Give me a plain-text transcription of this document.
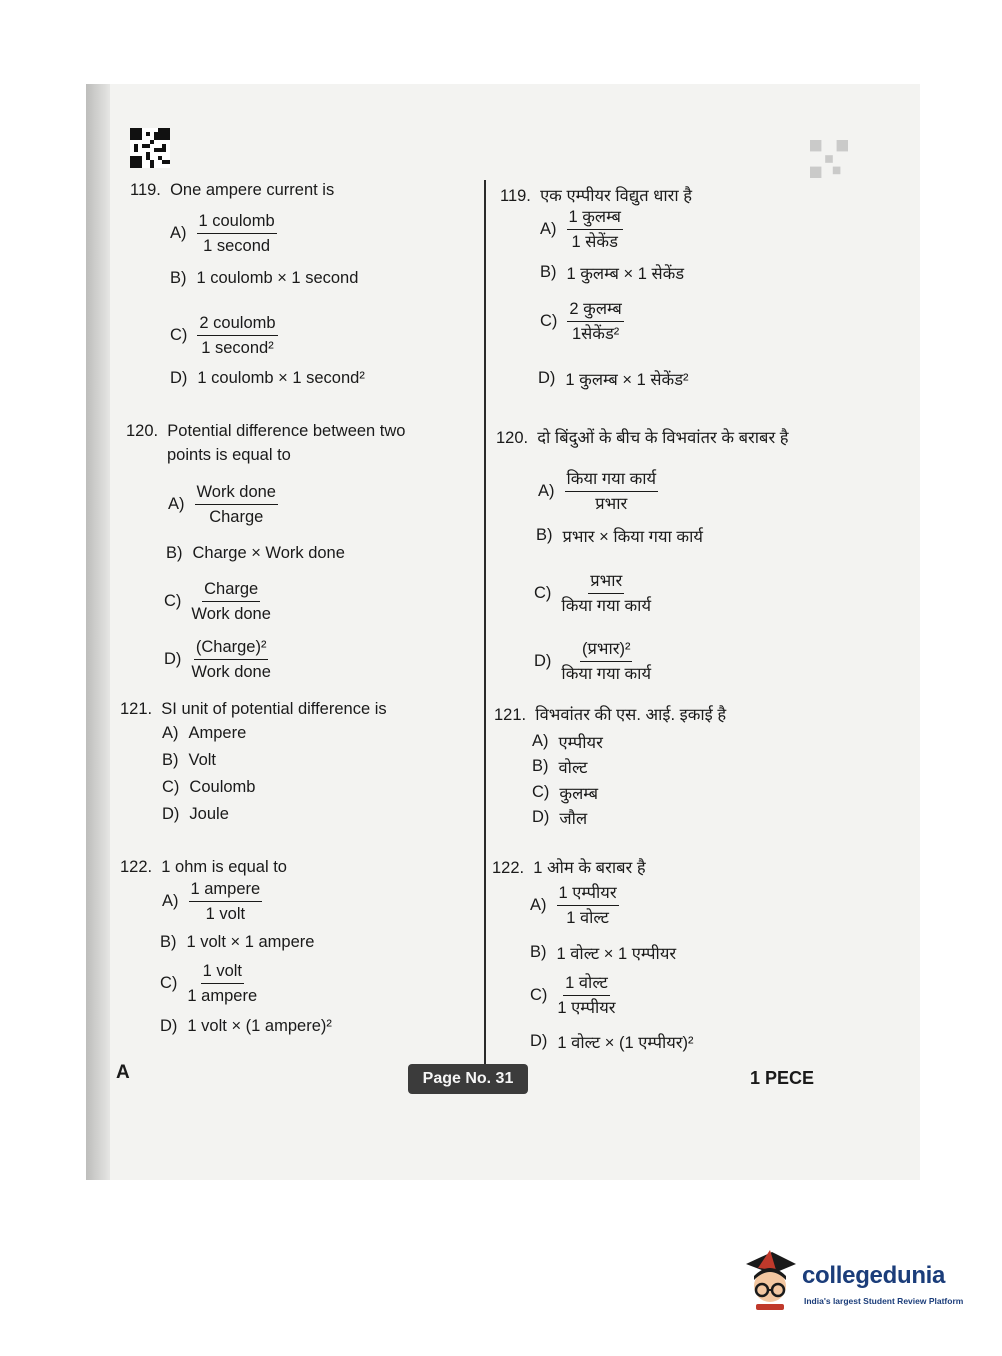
119. One ampere current is
$A) \frac{\text{1 coulomb}}{\text{1 second}}$
B) 1 coulomb × 1 second
$C) \frac{\text{2 coulomb}}{\text{1 second²}}$
D) 1 coulomb × 1 second²
120. Potential difference between two
points is equal to
$A) \frac{\text{Work done}}{\text{Charge}}$
B) Charge × Work done
$C) \frac{\text{Charge}}{\text{Work done}}$
$D) \frac{\text{(Charge)²}}{\text{Work done}}$
121. SI unit of potential difference is
A) Ampere
B) Volt
C) Coulomb
D) Joule
122. 1 ohm is equal to
$A) \frac{\text{1 ampere}}{\text{1 volt}}$
B) 1 volt × 1 ampere
$C) \frac{\text{1 volt}}{\text{1 ampere}}$
D) 1 volt × (1 ampere)²
119. एक एम्पीयर विद्युत धारा है
$A) \frac{\text{1 कुलम्ब}}{\text{1 सेकेंड}}$
B) 1 कुलम्ब × 1 सेकेंड
$C) \frac{\text{2 कुलम्ब}}{\text{1सेकेंड²}}$
D) 1 कुलम्ब × 1 सेकेंड²
120. दो बिंदुओं के बीच के विभवांतर के बराबर है
$A) \frac{\text{किया गया कार्य}}{\text{प्रभार}}$
B) प्रभार × किया गया कार्य
$C) \frac{\text{प्रभार}}{\text{किया गया कार्य}}$
$D) \frac{\text{(प्रभार)²}}{\text{किया गया कार्य}}$
121. विभवांतर की एस. आई. इकाई है
A) एम्पीयर
B) वोल्ट
C) कुलम्ब
D) जौल
122. 1 ओम के बराबर है
$A) \frac{\text{1 एम्पीयर}}{\text{1 वोल्ट}}$
B) 1 वोल्ट × 1 एम्पीयर
$C) \frac{\text{1 वोल्ट}}{\text{1 एम्पीयर}}$
D) 1 वोल्ट × (1 एम्पीयर)²
A	Page No. 31	1 PECE
collegedunia
India's largest Student Review Platform
